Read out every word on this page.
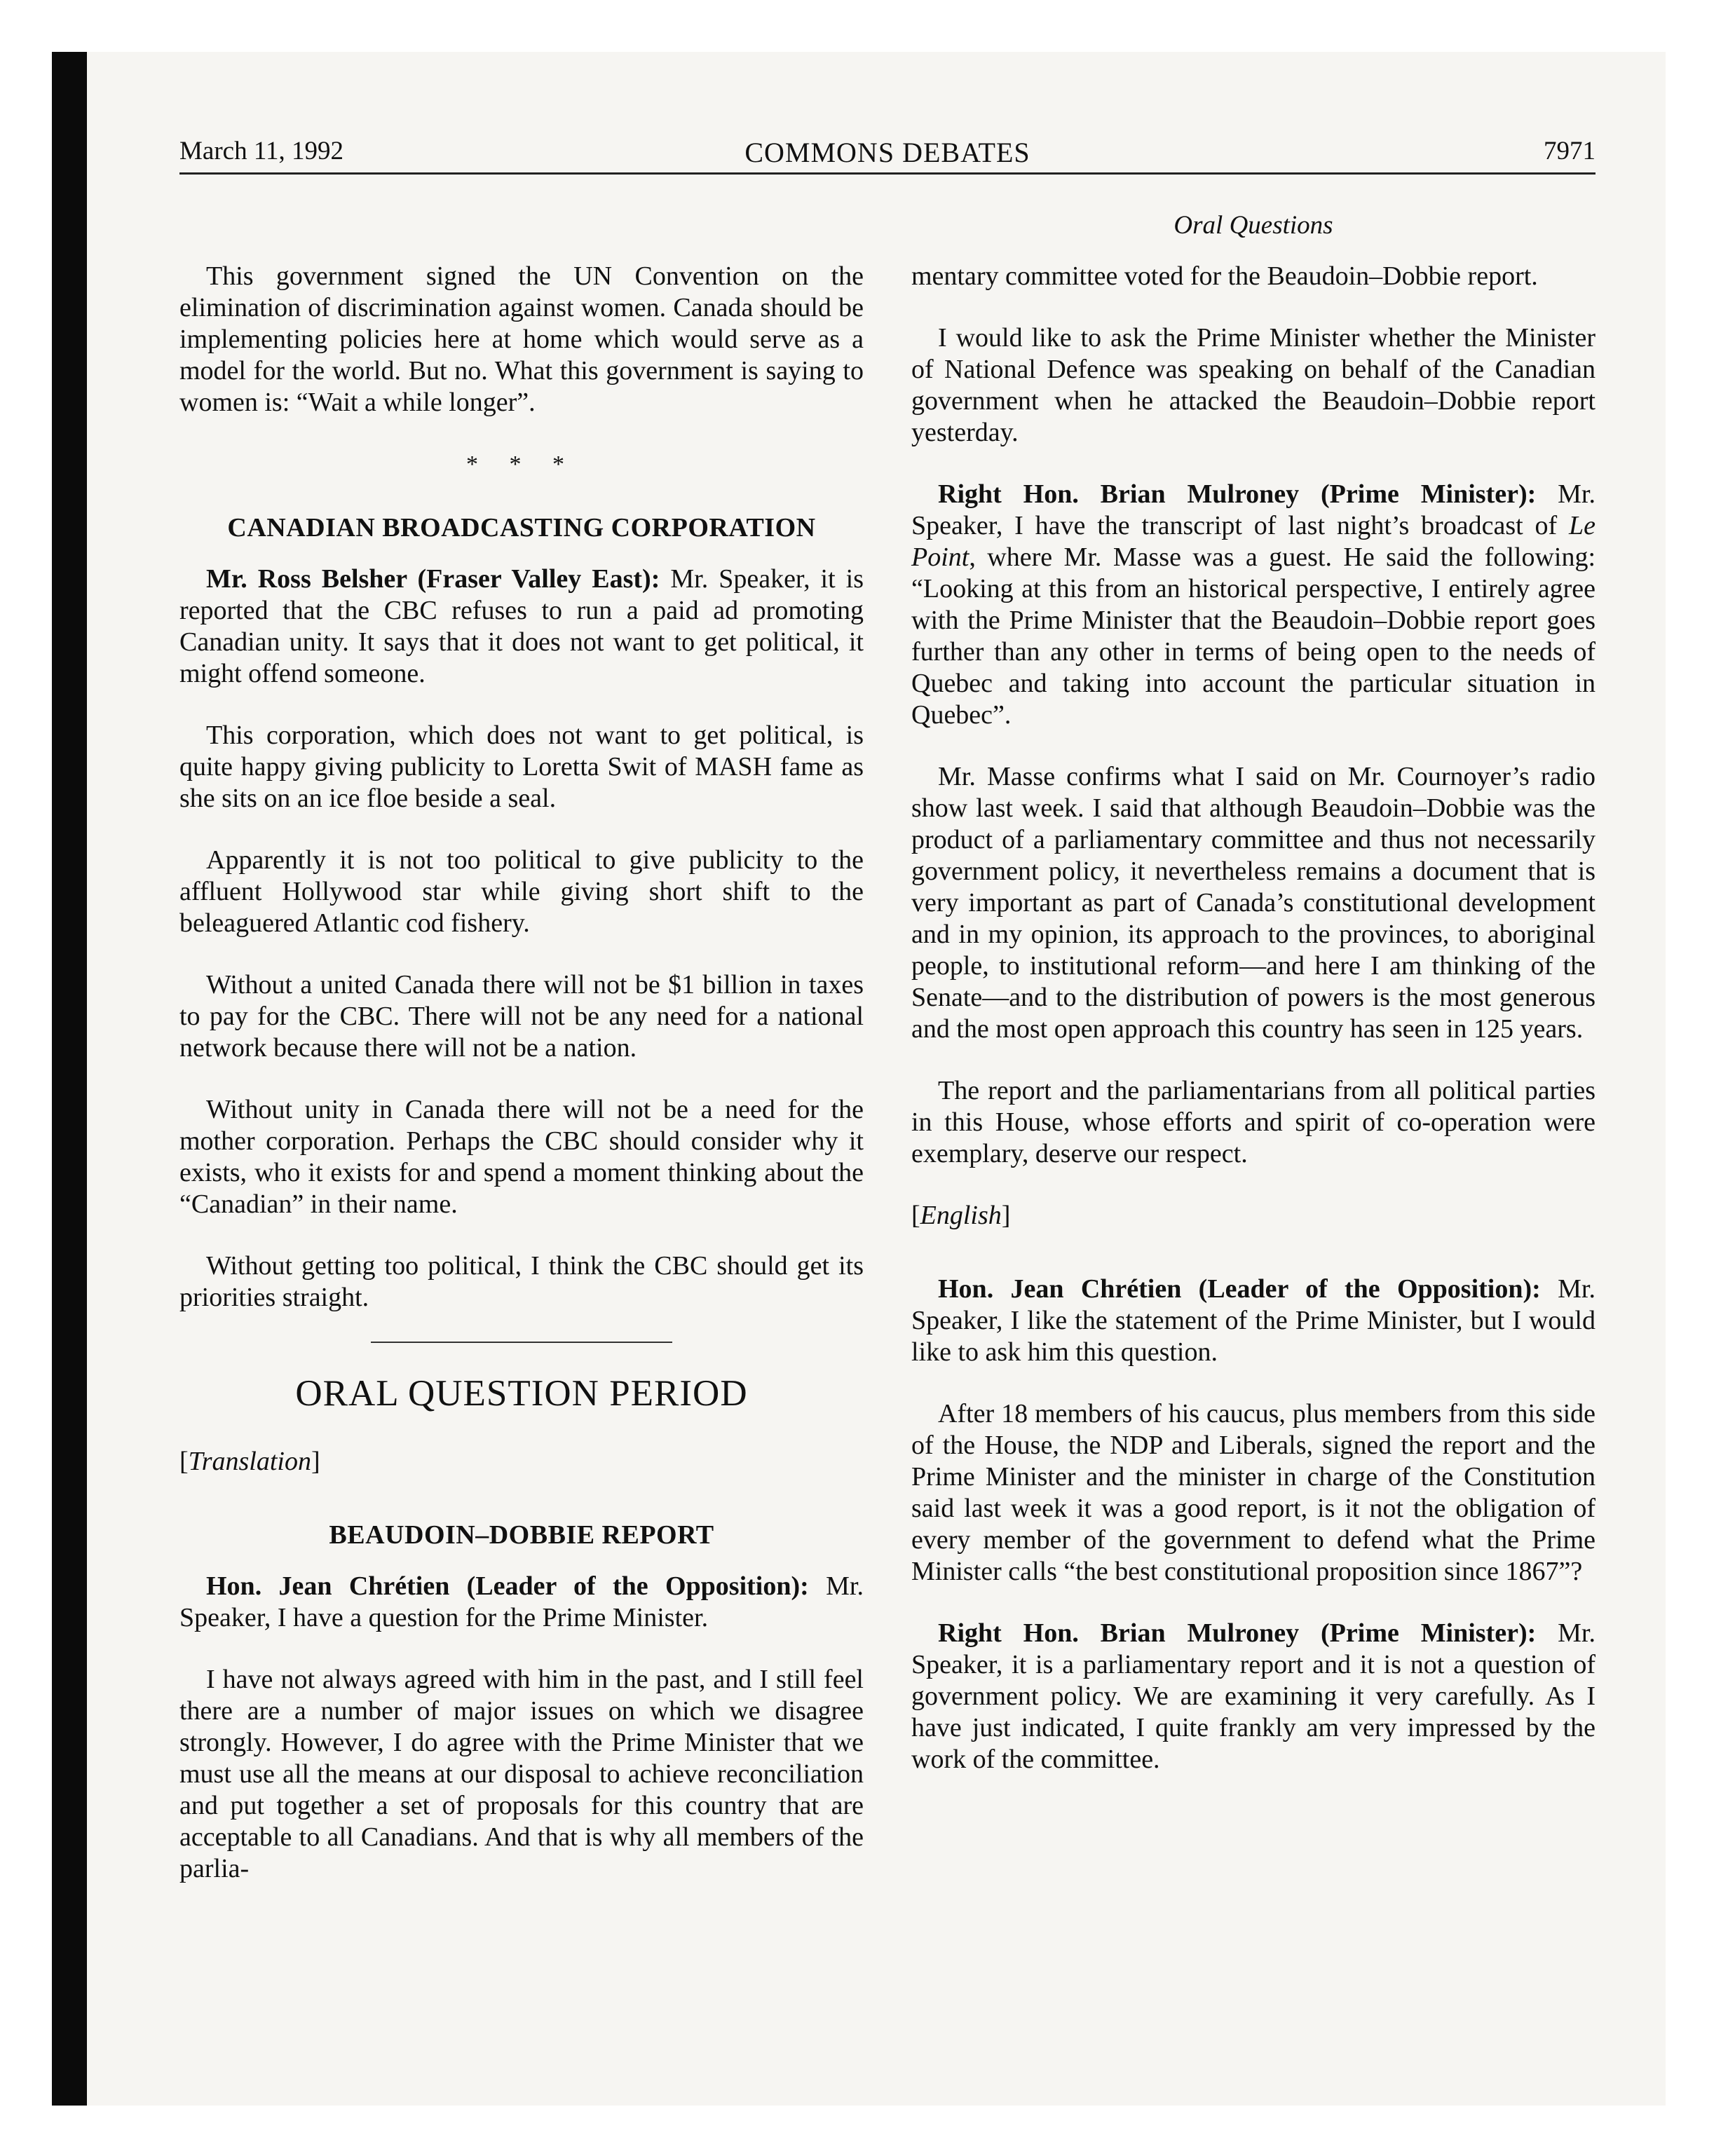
March 11, 1992	COMMONS DEBATES	7971
Oral Questions

This government signed the UN Convention on the elimination of discrimination against women. Canada should be implementing policies here at home which would serve as a model for the world. But no. What this government is saying to women is: “Wait a while longer”.

* * *
CANADIAN BROADCASTING CORPORATION

Mr. Ross Belsher (Fraser Valley East): Mr. Speaker, it is reported that the CBC refuses to run a paid ad promoting Canadian unity. It says that it does not want to get political, it might offend someone.

This corporation, which does not want to get political, is quite happy giving publicity to Loretta Swit of MASH fame as she sits on an ice floe beside a seal.

Apparently it is not too political to give publicity to the affluent Hollywood star while giving short shift to the beleaguered Atlantic cod fishery.

Without a united Canada there will not be $1 billion in taxes to pay for the CBC. There will not be any need for a national network because there will not be a nation.

Without unity in Canada there will not be a need for the mother corporation. Perhaps the CBC should consider why it exists, who it exists for and spend a moment thinking about the “Canadian” in their name.

Without getting too political, I think the CBC should get its priorities straight.

ORAL QUESTION PERIOD
[Translation]
BEAUDOIN–DOBBIE REPORT

Hon. Jean Chrétien (Leader of the Opposition): Mr. Speaker, I have a question for the Prime Minister.

I have not always agreed with him in the past, and I still feel there are a number of major issues on which we disagree strongly. However, I do agree with the Prime Minister that we must use all the means at our disposal to achieve reconciliation and put together a set of proposals for this country that are acceptable to all Canadians. And that is why all members of the parlia-

mentary committee voted for the Beaudoin–Dobbie report.

I would like to ask the Prime Minister whether the Minister of National Defence was speaking on behalf of the Canadian government when he attacked the Beaudoin–Dobbie report yesterday.

Right Hon. Brian Mulroney (Prime Minister): Mr. Speaker, I have the transcript of last night’s broadcast of Le Point, where Mr. Masse was a guest. He said the following: “Looking at this from an historical perspective, I entirely agree with the Prime Minister that the Beaudoin–Dobbie report goes further than any other in terms of being open to the needs of Quebec and taking into account the particular situation in Quebec”.

Mr. Masse confirms what I said on Mr. Cournoyer’s radio show last week. I said that although Beaudoin–Dobbie was the product of a parliamentary committee and thus not necessarily government policy, it nevertheless remains a document that is very important as part of Canada’s constitutional development and in my opinion, its approach to the provinces, to aboriginal people, to institutional reform—and here I am thinking of the Senate—and to the distribution of powers is the most generous and the most open approach this country has seen in 125 years.

The report and the parliamentarians from all political parties in this House, whose efforts and spirit of co-operation were exemplary, deserve our respect.

[English]

Hon. Jean Chrétien (Leader of the Opposition): Mr. Speaker, I like the statement of the Prime Minister, but I would like to ask him this question.

After 18 members of his caucus, plus members from this side of the House, the NDP and Liberals, signed the report and the Prime Minister and the minister in charge of the Constitution said last week it was a good report, is it not the obligation of every member of the government to defend what the Prime Minister calls “the best constitutional proposition since 1867”?

Right Hon. Brian Mulroney (Prime Minister): Mr. Speaker, it is a parliamentary report and it is not a question of government policy. We are examining it very carefully. As I have just indicated, I quite frankly am very impressed by the work of the committee.
